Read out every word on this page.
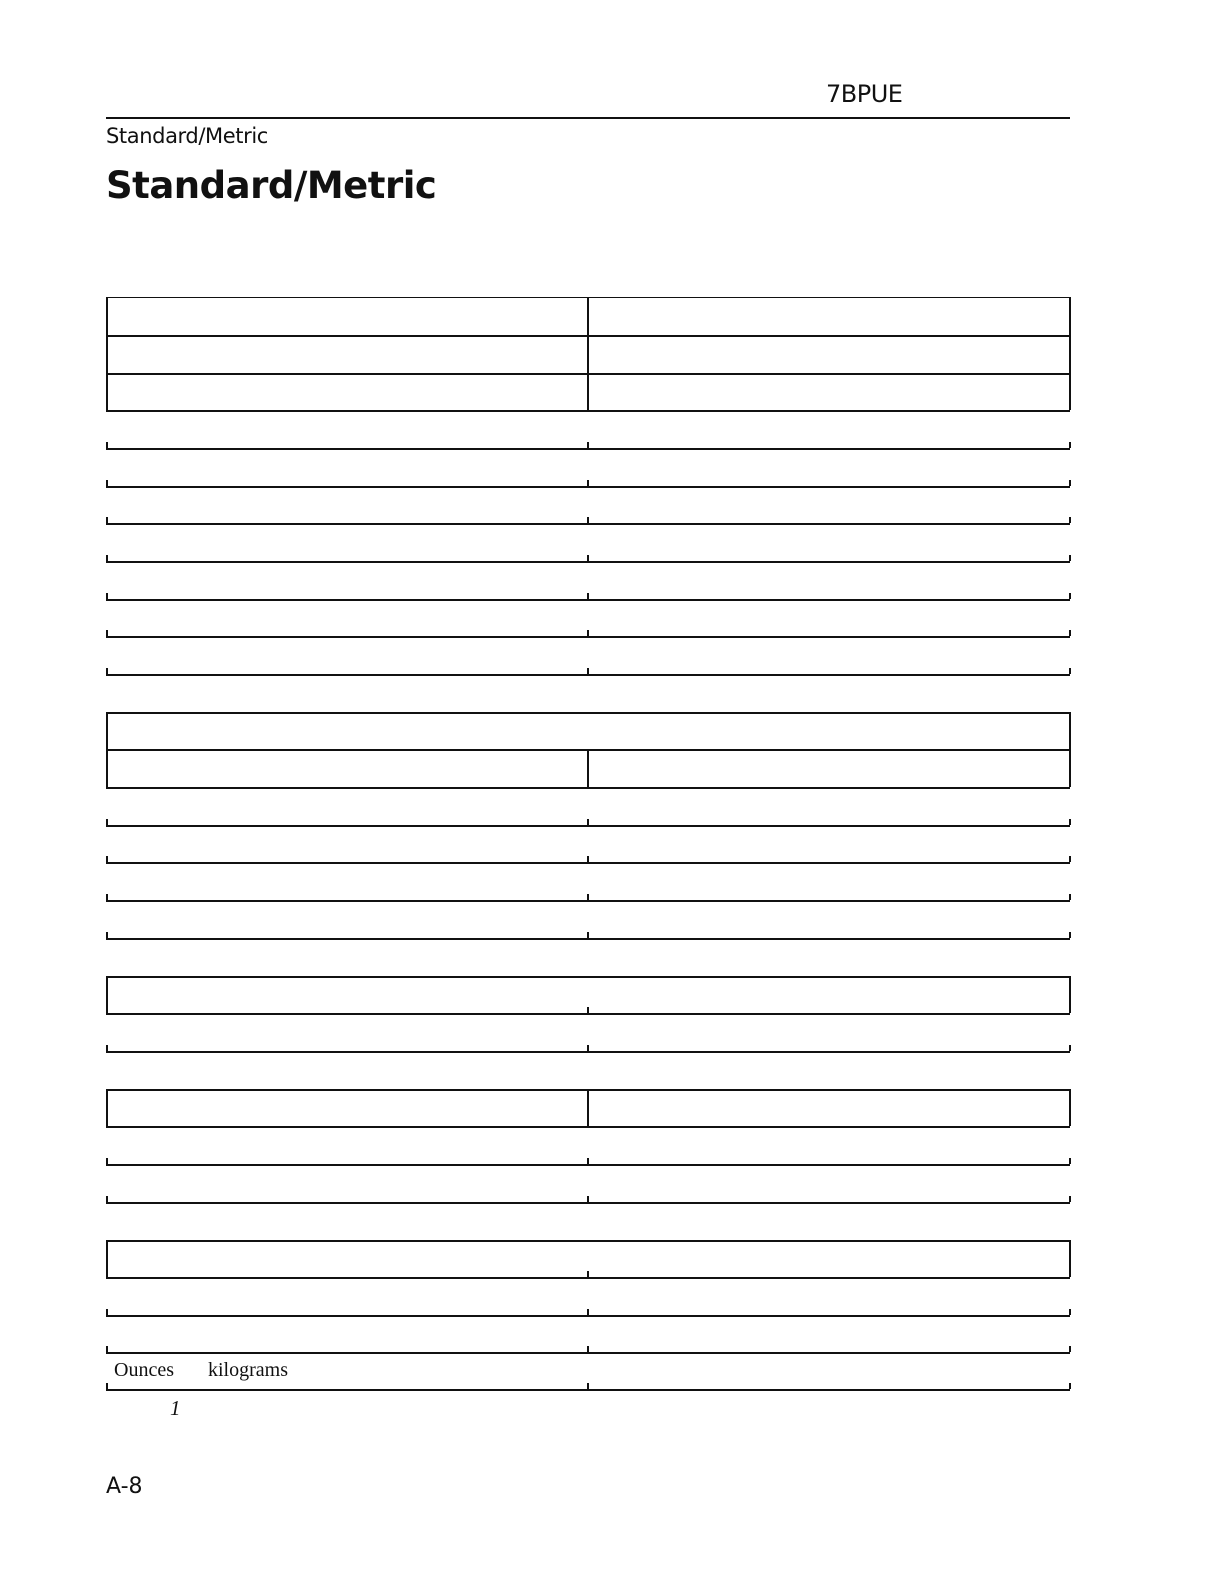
7BPUE
Standard/Metric
Standard/Metric
Ounces kilograms
1
A-8
